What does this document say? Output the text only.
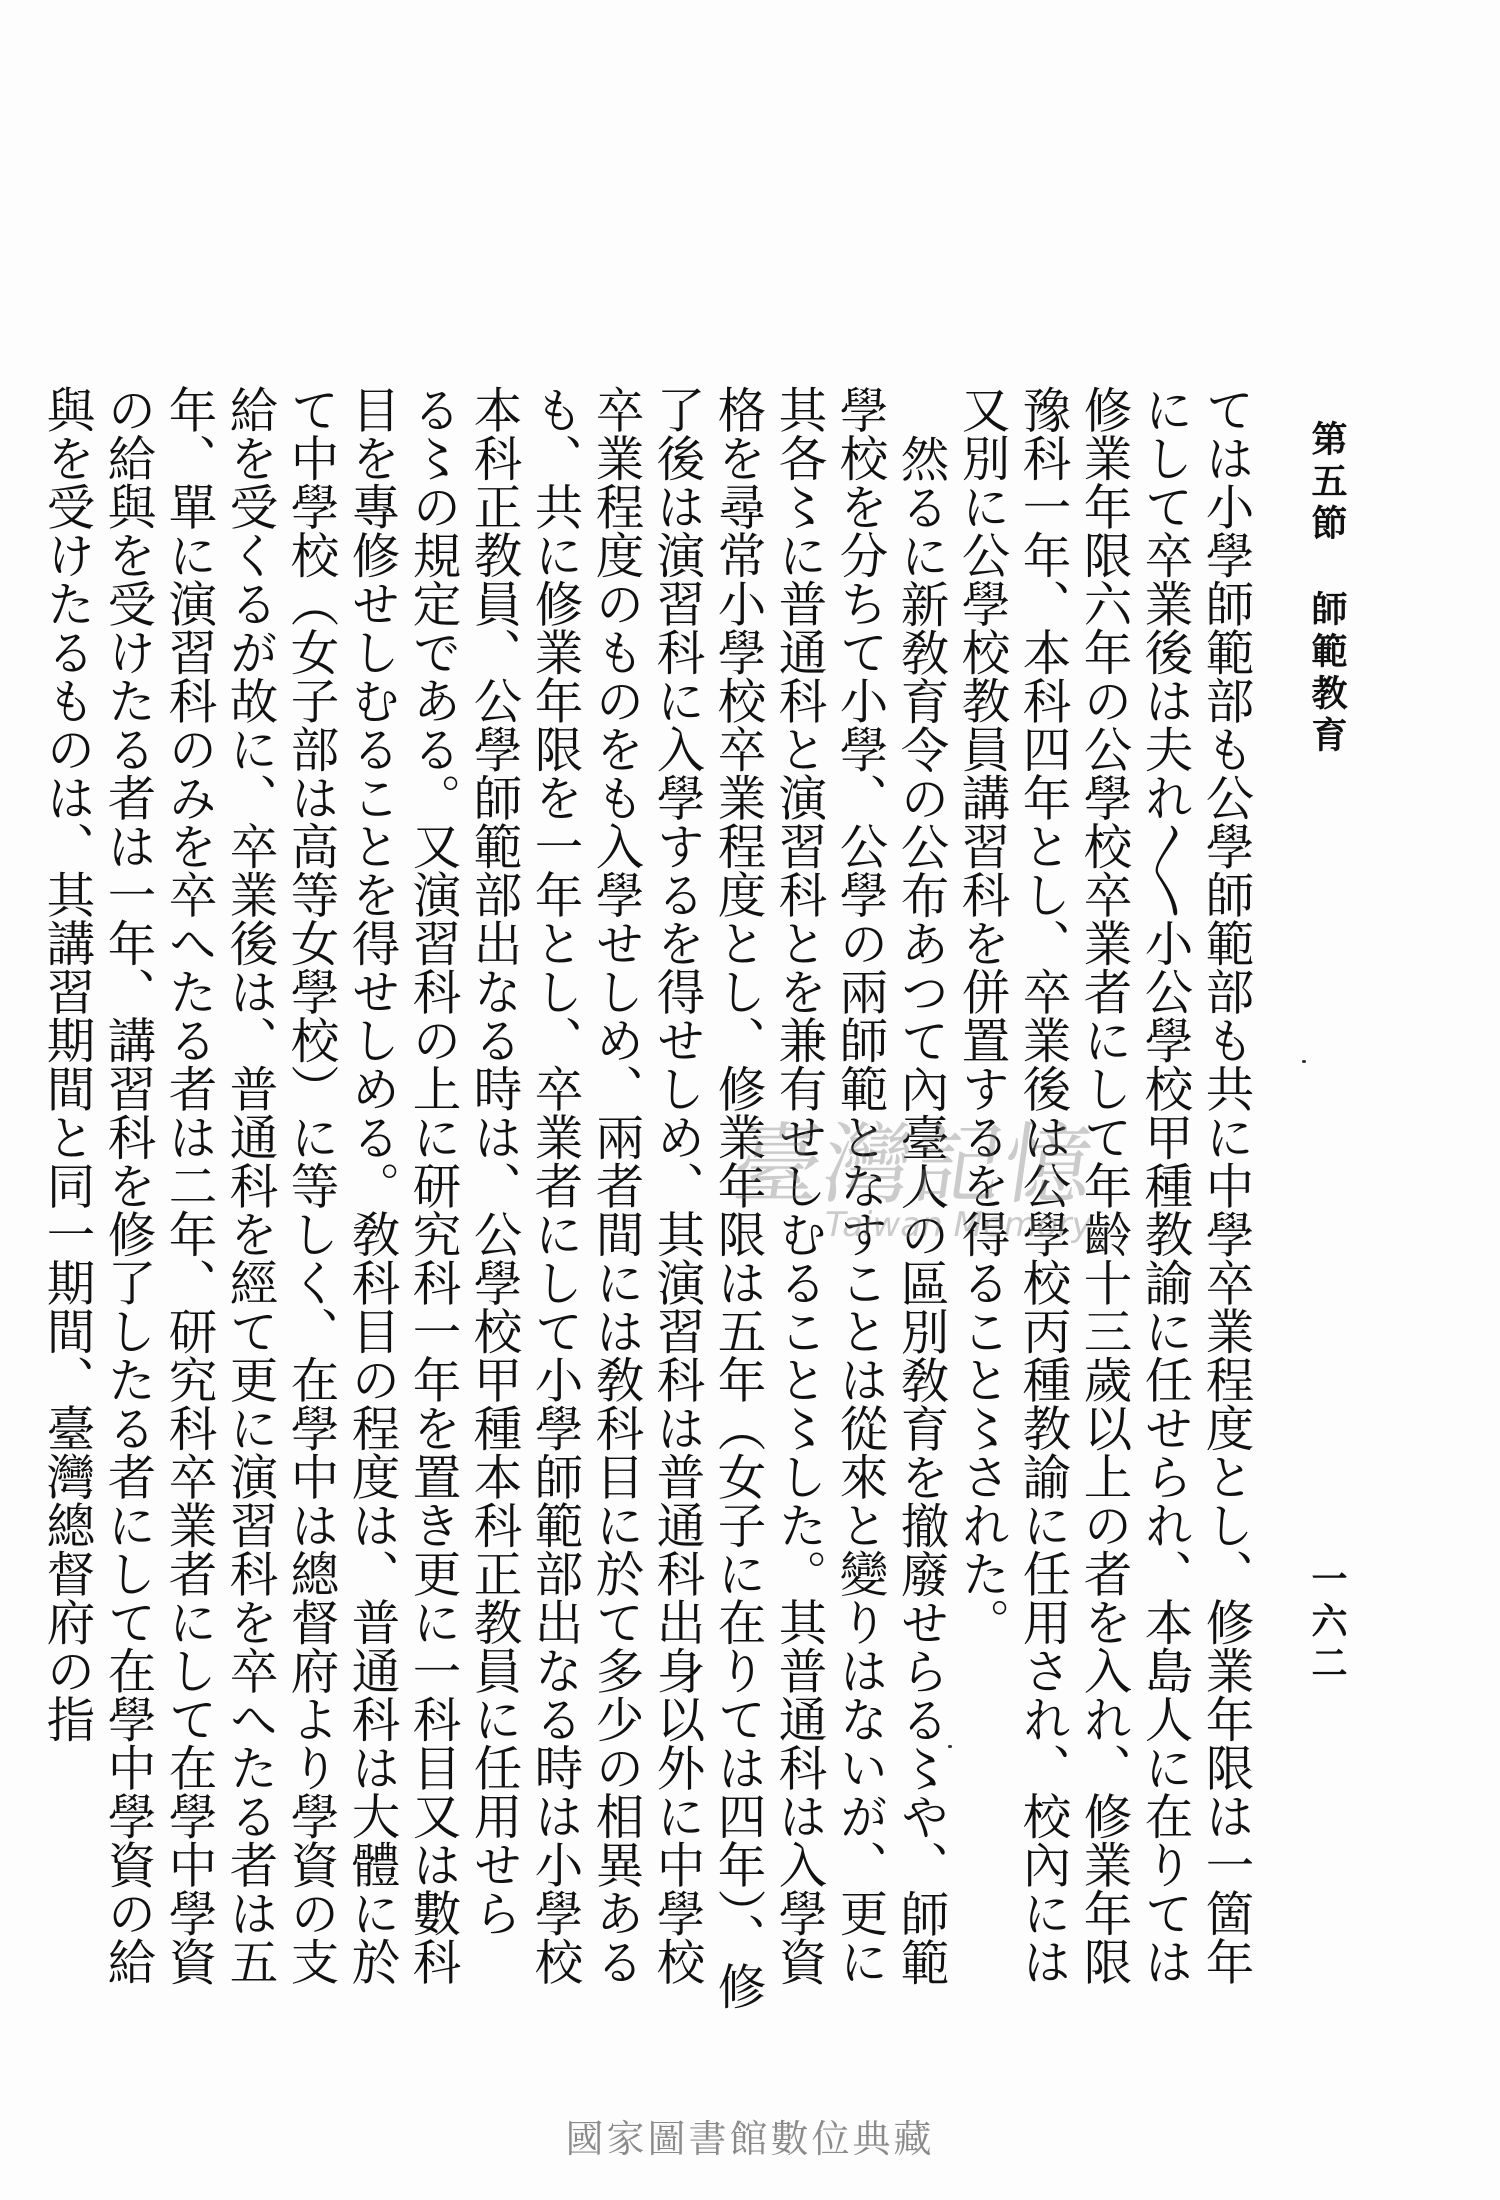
第五節師範教育
一六二

ては小學師範部も公學師範部も共に中學卒業程度とし、修業年限は一箇年にして卒業後は夫れ〳〵小公學校甲種教諭に任せられ、本島人に在りては修業年限六年の公學校卒業者にして年齡十三歲以上の者を入れ、修業年限豫科一年、本科四年とし、卒業後は公學校丙種教諭に任用され、校內には又別に公學校教員講習科を併置するを得ること〻された。

然るに新敎育令の公布あつて內臺人の區別敎育を撤廢せらる〻や、師範學校を分ちて小學、公學の兩師範となすことは從來と變りはないが、更に其各〻に普通科と演習科とを兼有せしむること〻した。其普通科は入學資格を尋常小學校卒業程度とし、修業年限は五年（女子に在りては四年）、修了後は演習科に入學するを得せしめ、其演習科は普通科出身以外に中學校卒業程度のものをも入學せしめ、兩者間には敎科目に於て多少の相異あるも、共に修業年限を一年とし、卒業者にして小學師範部出なる時は小學校本科正教員、公學師範部出なる時は、公學校甲種本科正教員に任用せらる〻の規定である。又演習科の上に研究科一年を置き更に一科目又は數科目を專修せしむることを得せしめる。敎科目の程度は、普通科は大體に於て中學校（女子部は高等女學校）に等しく、在學中は總督府より學資の支給を受くるが故に、卒業後は、普通科を經て更に演習科を卒へたる者は五年、單に演習科のみを卒へたる者は二年、研究科卒業者にして在學中學資の給與を受けたる者は一年、講習科を修了したる者にして在學中學資の給與を受けたるものは、其講習期間と同一期間、臺灣總督府の指	臺灣記憶
Taiwan Memory
國家圖書館數位典藏
